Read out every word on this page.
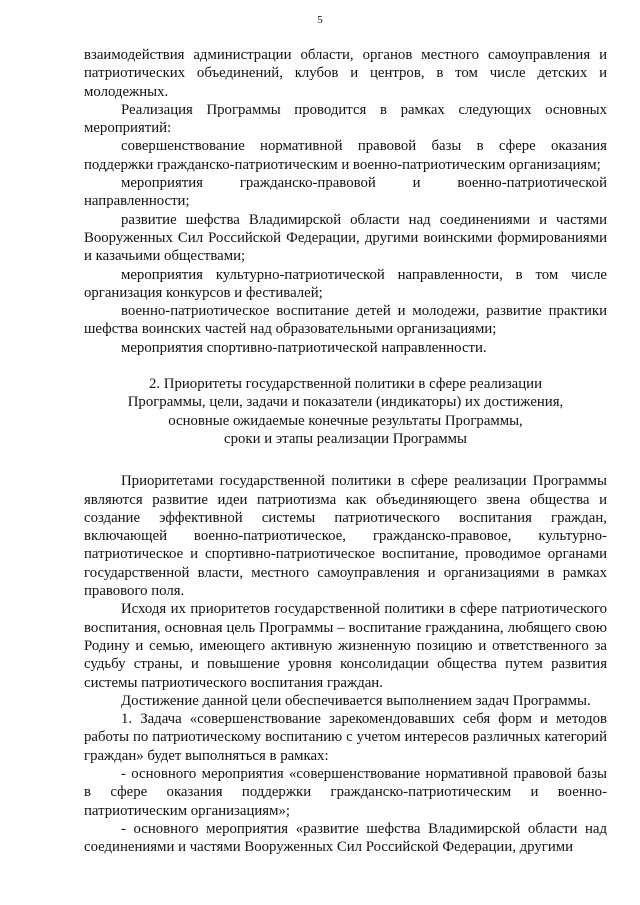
5

взаимодействия администрации области, органов местного самоуправления и патриотических объединений, клубов и центров, в том числе детских и молодежных.

Реализация Программы проводится в рамках следующих основных мероприятий:

совершенствование нормативной правовой базы в сфере оказания поддержки гражданско-патриотическим и военно-патриотическим организациям;

мероприятия гражданско-правовой и военно-патриотической направленности;

развитие шефства Владимирской области над соединениями и частями Вооруженных Сил Российской Федерации, другими воинскими формированиями и казачьими обществами;

мероприятия культурно-патриотической направленности, в том числе организация конкурсов и фестивалей;

военно-патриотическое воспитание детей и молодежи, развитие практики шефства воинских частей над образовательными организациями;

мероприятия спортивно-патриотической направленности.

2. Приоритеты государственной политики в сфере реализации
Программы, цели, задачи и показатели (индикаторы) их достижения,
основные ожидаемые конечные результаты Программы,
сроки и этапы реализации Программы

Приоритетами государственной политики в сфере реализации Программы являются развитие идеи патриотизма как объединяющего звена общества и создание эффективной системы патриотического воспитания граждан, включающей военно-патриотическое, гражданско-правовое, культурно-патриотическое и спортивно-патриотическое воспитание, проводимое органами государственной власти, местного самоуправления и организациями в рамках правового поля.

Исходя их приоритетов государственной политики в сфере патриотического воспитания, основная цель Программы – воспитание гражданина, любящего свою Родину и семью, имеющего активную жизненную позицию и ответственного за судьбу страны, и повышение уровня консолидации общества путем развития системы патриотического воспитания граждан.

Достижение данной цели обеспечивается выполнением задач Программы.

1. Задача «совершенствование зарекомендовавших себя форм и методов работы по патриотическому воспитанию с учетом интересов различных категорий граждан» будет выполняться в рамках:

- основного мероприятия «совершенствование нормативной правовой базы в сфере оказания поддержки гражданско-патриотическим и военно-патриотическим организациям»;

- основного мероприятия «развитие шефства Владимирской области над соединениями и частями Вооруженных Сил Российской Федерации, другими
